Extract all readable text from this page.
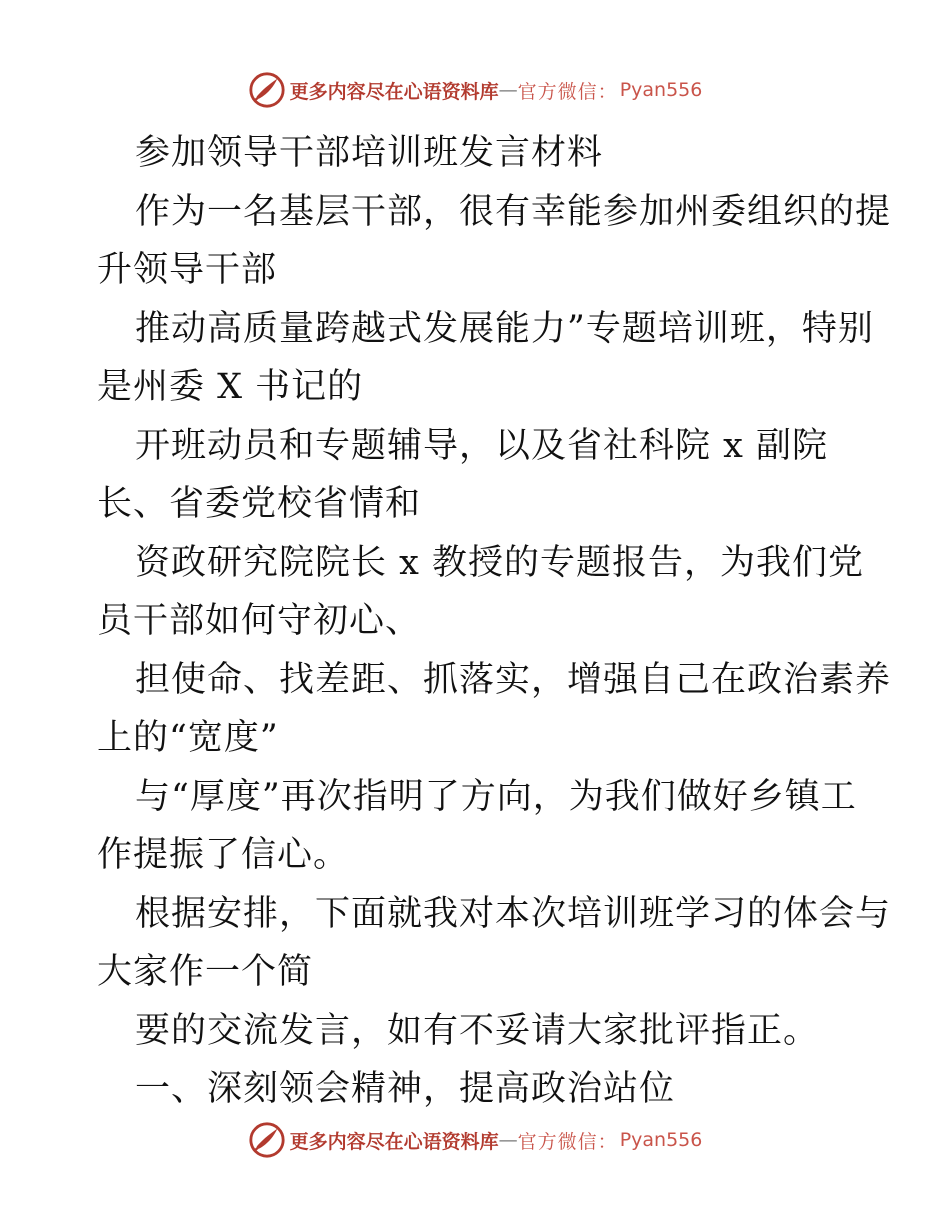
更多内容尽在心语资料库 — 官方微信： Pyan556
参加领导干部培训班发言材料
作为一名基层干部，很有幸能参加州委组织的提
升领导干部
推动高质量跨越式发展能力”专题培训班，特别
是州委 X 书记的
开班动员和专题辅导，以及省社科院 x 副院
长、省委党校省情和
资政研究院院长 x 教授的专题报告，为我们党
员干部如何守初心、
担使命、找差距、抓落实，增强自己在政治素养
上的“宽度”
与“厚度”再次指明了方向，为我们做好乡镇工
作提振了信心。
根据安排，下面就我对本次培训班学习的体会与
大家作一个简
要的交流发言，如有不妥请大家批评指正。
一、深刻领会精神，提高政治站位
更多内容尽在心语资料库 — 官方微信： Pyan556
